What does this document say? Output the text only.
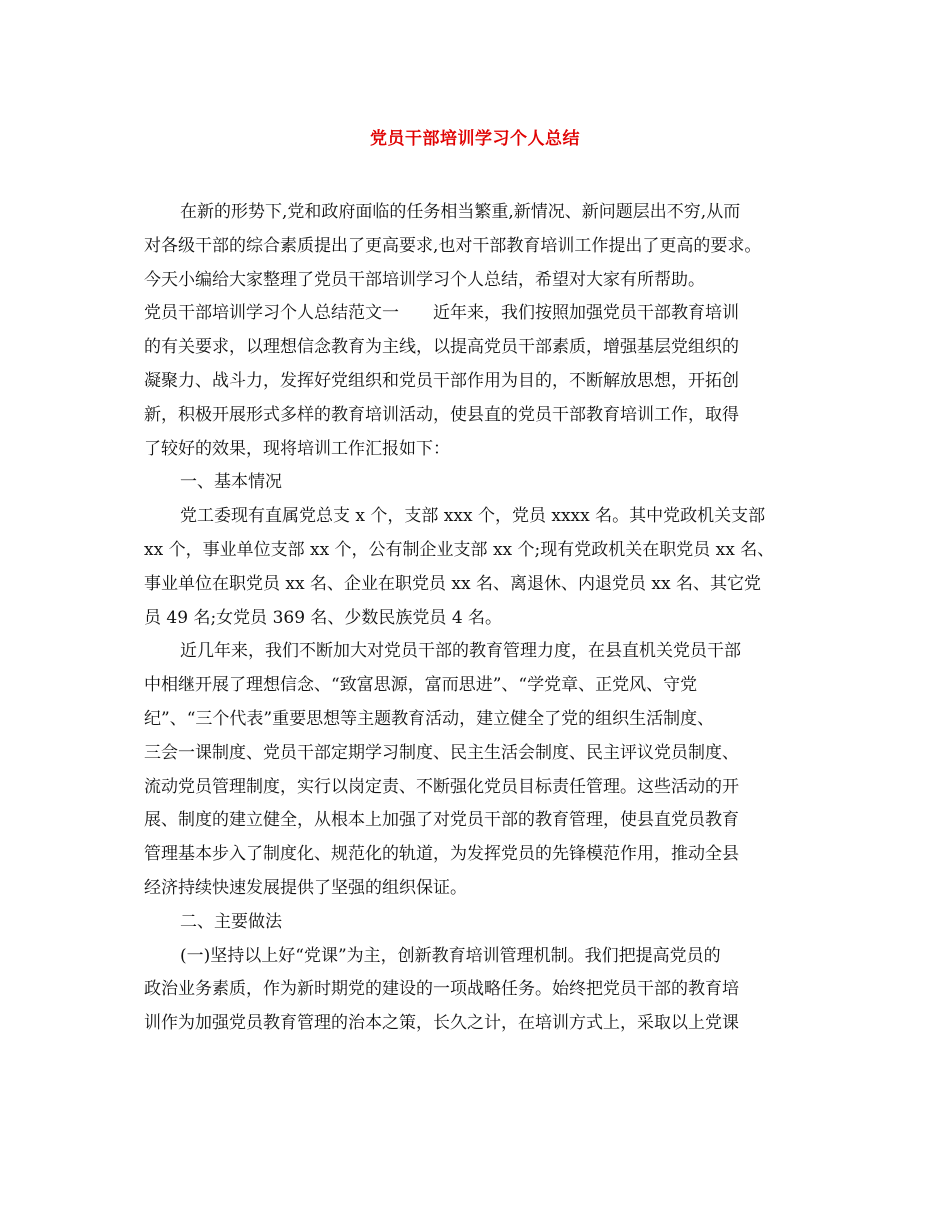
党员干部培训学习个人总结
在新的形势下,党和政府面临的任务相当繁重,新情况、新问题层出不穷,从而
对各级干部的综合素质提出了更高要求,也对干部教育培训工作提出了更高的要求。
今天小编给大家整理了党员干部培训学习个人总结，希望对大家有所帮助。
党员干部培训学习个人总结范文一　　近年来，我们按照加强党员干部教育培训
的有关要求，以理想信念教育为主线，以提高党员干部素质，增强基层党组织的
凝聚力、战斗力，发挥好党组织和党员干部作用为目的，不断解放思想，开拓创
新，积极开展形式多样的教育培训活动，使县直的党员干部教育培训工作，取得
了较好的效果，现将培训工作汇报如下：
一、基本情况
党工委现有直属党总支 x 个，支部 xxx 个，党员 xxxx 名。其中党政机关支部
xx 个，事业单位支部 xx 个，公有制企业支部 xx 个;现有党政机关在职党员 xx 名、
事业单位在职党员 xx 名、企业在职党员 xx 名、离退休、内退党员 xx 名、其它党
员 49 名;女党员 369 名、少数民族党员 4 名。
近几年来，我们不断加大对党员干部的教育管理力度，在县直机关党员干部
中相继开展了理想信念、“致富思源，富而思进”、“学党章、正党风、守党
纪”、“三个代表”重要思想等主题教育活动，建立健全了党的组织生活制度、
三会一课制度、党员干部定期学习制度、民主生活会制度、民主评议党员制度、
流动党员管理制度，实行以岗定责、不断强化党员目标责任管理。这些活动的开
展、制度的建立健全，从根本上加强了对党员干部的教育管理，使县直党员教育
管理基本步入了制度化、规范化的轨道，为发挥党员的先锋模范作用，推动全县
经济持续快速发展提供了坚强的组织保证。
二、主要做法
(一)坚持以上好“党课”为主，创新教育培训管理机制。我们把提高党员的
政治业务素质，作为新时期党的建设的一项战略任务。始终把党员干部的教育培
训作为加强党员教育管理的治本之策，长久之计，在培训方式上，采取以上党课
